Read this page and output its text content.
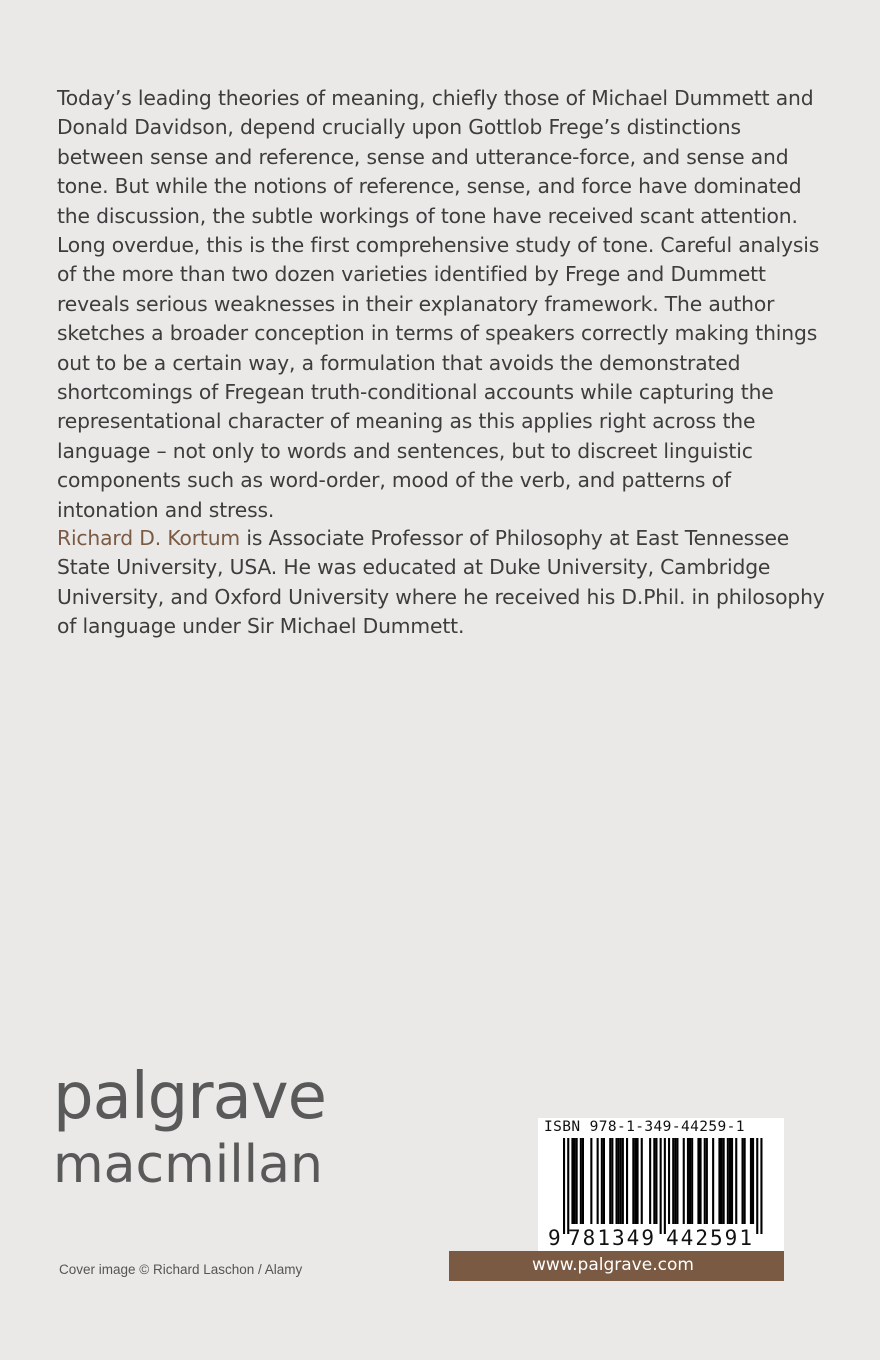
Today’s leading theories of meaning, chiefly those of Michael Dummett and Donald Davidson, depend crucially upon Gottlob Frege’s distinctions between sense and reference, sense and utterance-force, and sense and tone. But while the notions of reference, sense, and force have dominated the discussion, the subtle workings of tone have received scant attention. Long overdue, this is the first comprehensive study of tone. Careful analysis of the more than two dozen varieties identified by Frege and Dummett reveals serious weaknesses in their explanatory framework. The author sketches a broader conception in terms of speakers correctly making things out to be a certain way, a formulation that avoids the demonstrated shortcomings of Fregean truth-conditional accounts while capturing the representational character of meaning as this applies right across the language – not only to words and sentences, but to discreet linguistic components such as word-order, mood of the verb, and patterns of intonation and stress.

Richard D. Kortum is Associate Professor of Philosophy at East Tennessee State University, USA. He was educated at Duke University, Cambridge University, and Oxford University where he received his D.Phil. in philosophy of language under Sir Michael Dummett.

palgrave
macmillan
Cover image © Richard Laschon / Alamy
ISBN 978-1-349-44259-1
9 781349 442591
www.palgrave.com
